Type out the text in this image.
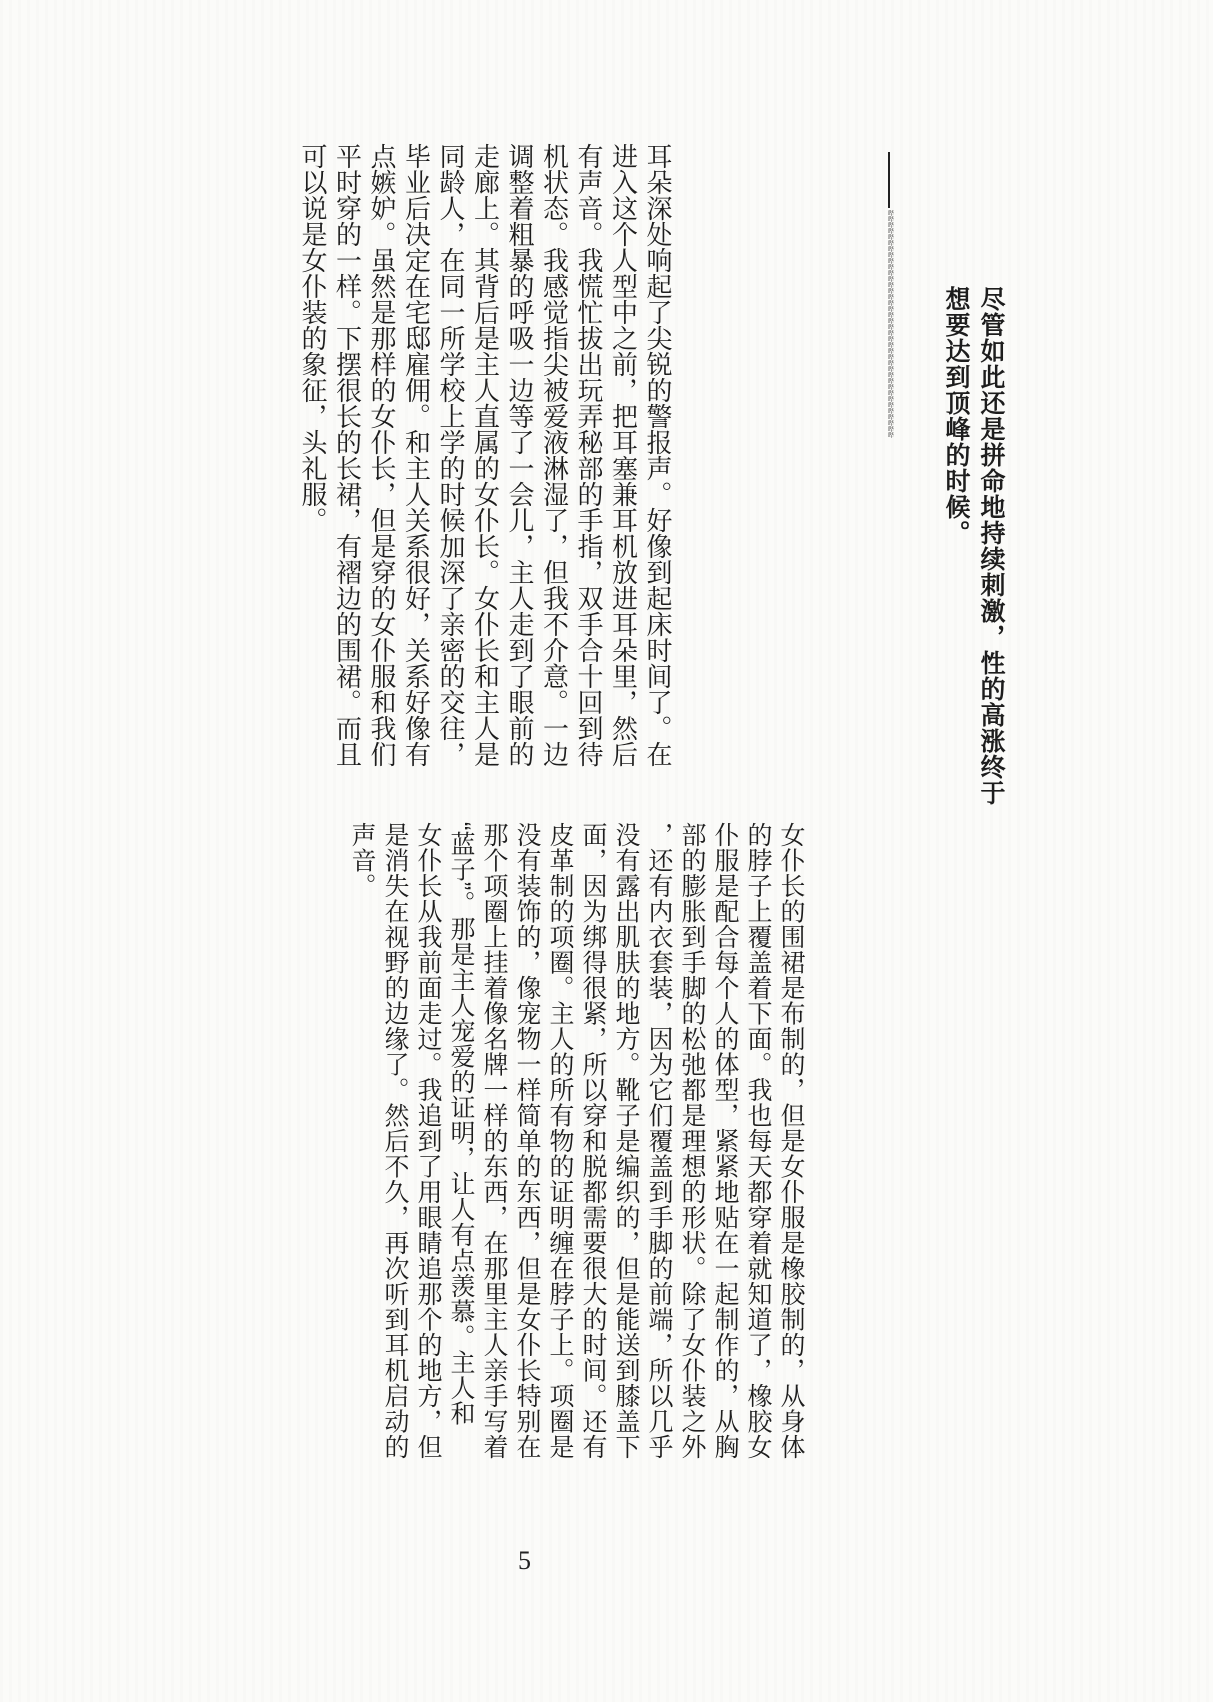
尽管如此还是拼命地持续刺激，性的高涨终于
想要达到顶峰的时候。
哔哔哔哔哔哔哔哔哔哔哔哔哔哔哔哔哔哔哔哔哔哔哔哔哔哔哔哔哔哔哔哔哔哔哔哔哔哔
耳朵深处响起了尖锐的警报声。好像到起床时间了。在
进入这个人型中之前，把耳塞兼耳机放进耳朵里，然后
有声音。我慌忙拔出玩弄秘部的手指，双手合十回到待
机状态。我感觉指尖被爱液淋湿了，但我不介意。一边
调整着粗暴的呼吸一边等了一会儿，主人走到了眼前的
走廊上。其背后是主人直属的女仆长。女仆长和主人是
同龄人，在同一所学校上学的时候加深了亲密的交往，
毕业后决定在宅邸雇佣。和主人关系很好，关系好像有
点嫉妒。虽然是那样的女仆长，但是穿的女仆服和我们
平时穿的一样。下摆很长的长裙，有褶边的围裙。而且
可以说是女仆装的象征，头礼服。
女仆长的围裙是布制的，但是女仆服是橡胶制的，从身体
的脖子上覆盖着下面。我也每天都穿着就知道了，橡胶女
仆服是配合每个人的体型，紧紧地贴在一起制作的，从胸
部的膨胀到手脚的松弛都是理想的形状。除了女仆装之外
，还有内衣套装，因为它们覆盖到手脚的前端，所以几乎
没有露出肌肤的地方。靴子是编织的，但是能送到膝盖下
面，因为绑得很紧，所以穿和脱都需要很大的时间。还有
皮革制的项圈。主人的所有物的证明缠在脖子上。项圈是
没有装饰的，像宠物一样简单的东西，但是女仆长特别在
那个项圈上挂着像名牌一样的东西，在那里主人亲手写着
“蓝子”。那是主人宠爱的证明，让人有点羡慕。主人和
女仆长从我前面走过。我追到了用眼睛追那个的地方，但
是消失在视野的边缘了。然后不久，再次听到耳机启动的
声音。
5
